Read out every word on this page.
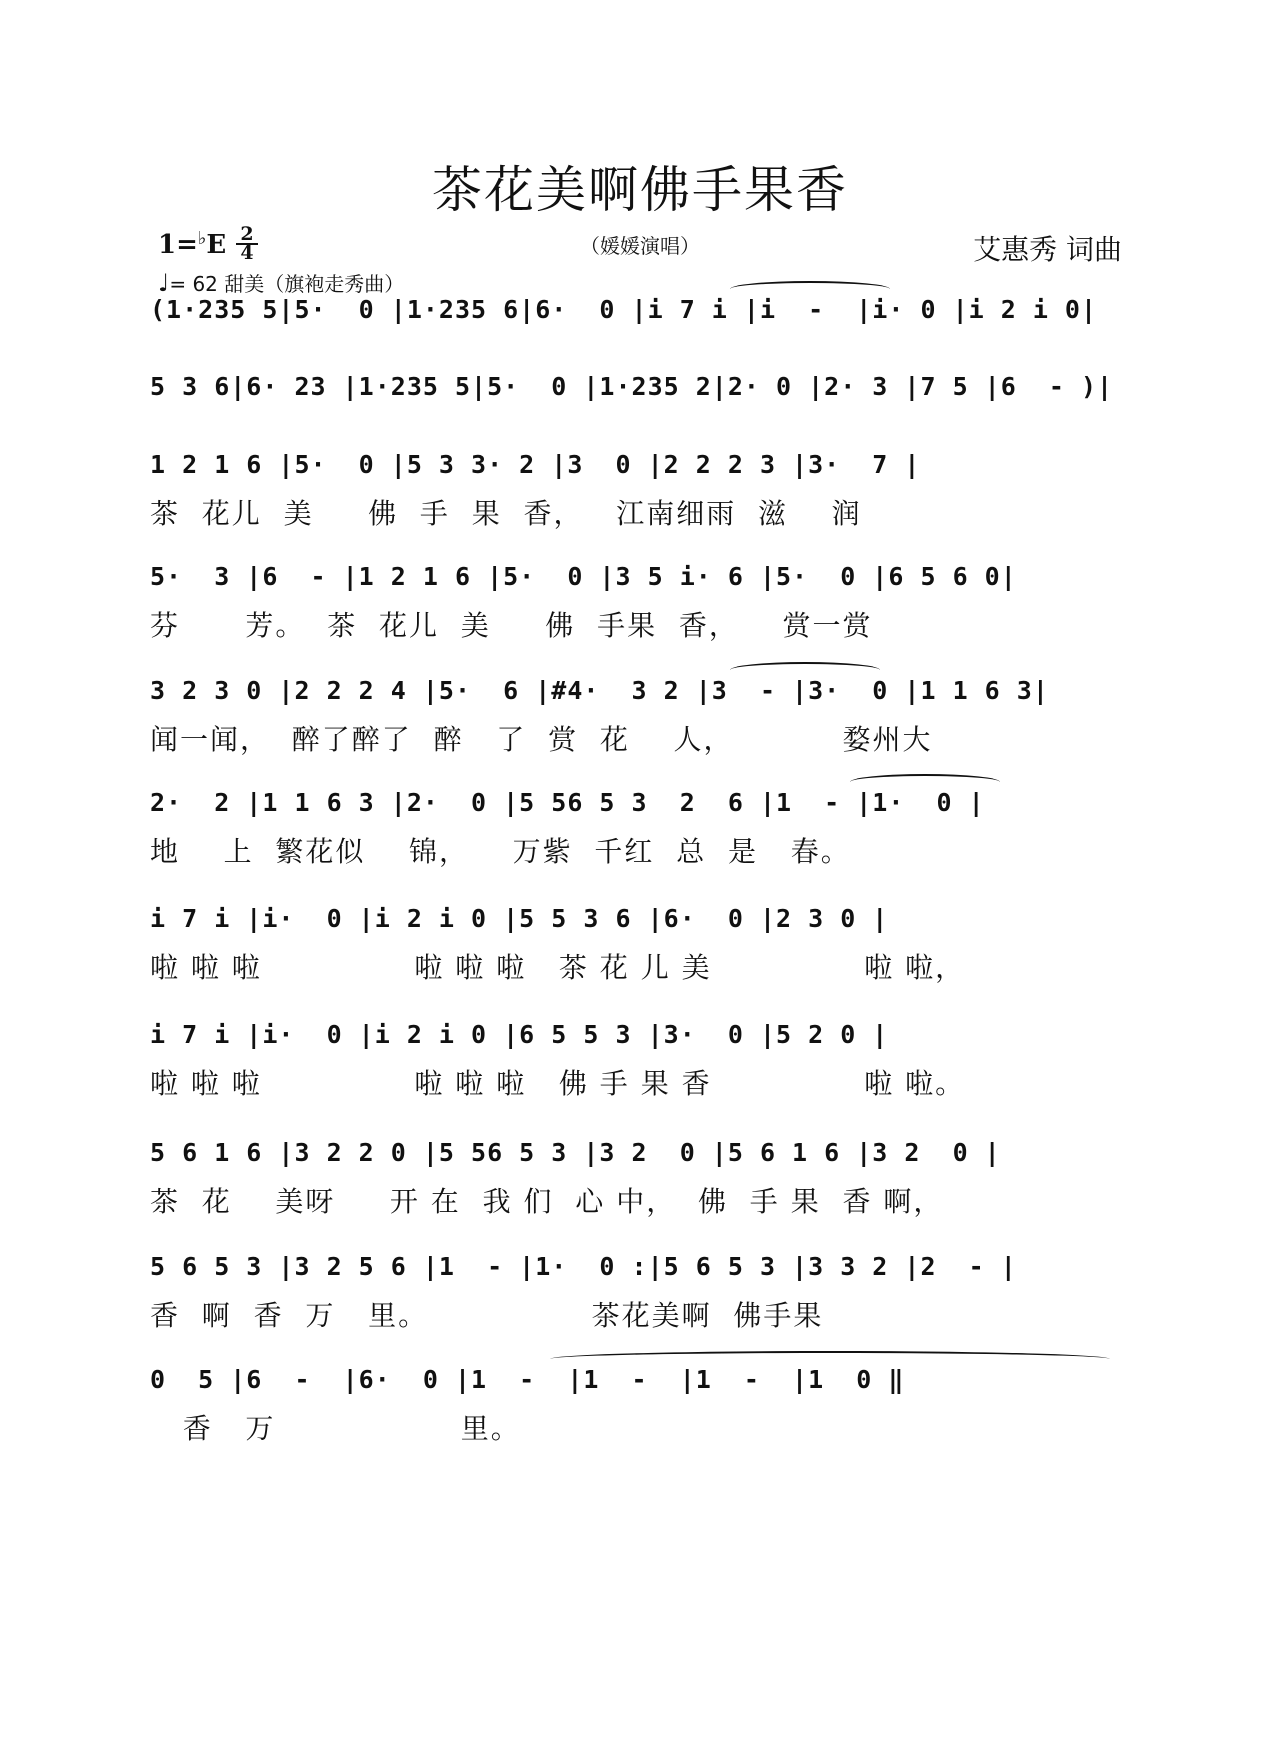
茶花美啊佛手果香
1=♭E 2
4	（媛媛演唱）	艾惠秀 词曲
♩= 62 甜美（旗袍走秀曲）
(1·235 5|5·  0 |1·235 6|6·  0 |i 7 i |i  -  |i· 0 |i 2 i 0|
5 3 6|6· 23 |1·235 5|5·  0 |1·235 2|2· 0 |2· 3 |7 5 |6  - )|
1 2 1 6 |5·  0 |5 3 3· 2 |3  0 |2 2 2 3 |3·  7 |
茶  花儿  美     佛  手  果  香，   江南细雨  滋    润
5·  3 |6  - |1 2 1 6 |5·  0 |3 5 i· 6 |5·  0 |6 5 6 0|
芬      芳。  茶  花儿  美     佛  手果  香，    赏一赏
3 2 3 0 |2 2 2 4 |5·  6 |#4·  3 2 |3  - |3·  0 |1 1 6 3|
闻一闻，  醉了醉了  醉   了  赏  花    人，          婺州大
2·  2 |1 1 6 3 |2·  0 |5 56 5 3  2  6 |1  - |1·  0 |
地    上  繁花似    锦，    万紫  千红  总  是   春。
i 7 i |i·  0 |i 2 i 0 |5 5 3 6 |6·  0 |2 3 0 |
啦 啦 啦              啦 啦 啦   茶 花 儿 美              啦 啦，
i 7 i |i·  0 |i 2 i 0 |6 5 5 3 |3·  0 |5 2 0 |
啦 啦 啦              啦 啦 啦   佛 手 果 香              啦 啦。
5 6 1 6 |3 2 2 0 |5 56 5 3 |3 2  0 |5 6 1 6 |3 2  0 |
茶  花    美呀     开 在  我 们  心 中，  佛  手 果  香 啊，
5 6 5 3 |3 2 5 6 |1  - |1·  0 :|5 6 5 3 |3 3 2 |2  - |
香  啊  香  万   里。               茶花美啊  佛手果
0  5 |6  -  |6·  0 |1  -  |1  -  |1  -  |1  0 ‖
香   万                 里。
